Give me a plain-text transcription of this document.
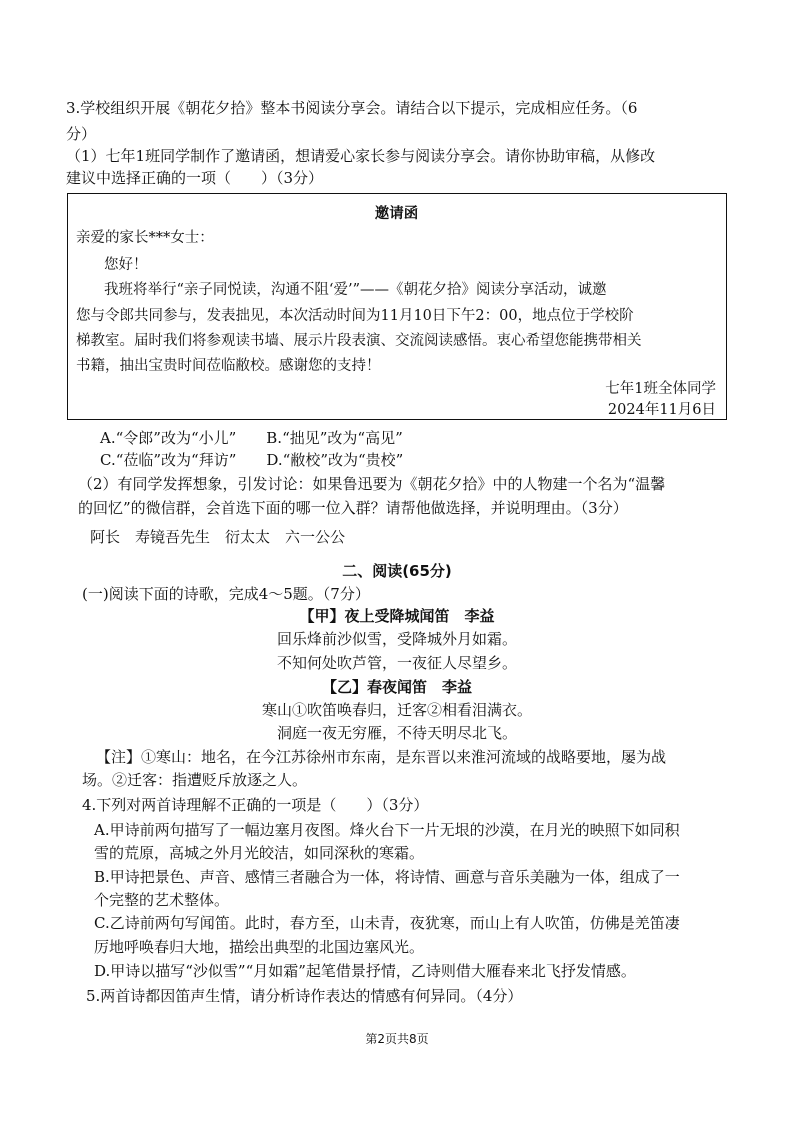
3.学校组织开展《朝花夕拾》整本书阅读分享会。请结合以下提示，完成相应任务。（6
分）
（1）七年1班同学制作了邀请函，想请爱心家长参与阅读分享会。请你协助审稿，从修改
建议中选择正确的一项（　　）（3分）
邀请函
亲爱的家长***女士：
您好！
我班将举行“亲子同悦读，沟通不阻‘爱’”——《朝花夕拾》阅读分享活动，诚邀
您与令郎共同参与，发表拙见，本次活动时间为11月10日下午2：00，地点位于学校阶
梯教室。届时我们将参观读书墙、展示片段表演、交流阅读感悟。衷心希望您能携带相关
书籍，抽出宝贵时间莅临敝校。感谢您的支持！
七年1班全体同学
2024年11月6日
A.“令郎”改为“小儿”　　B.“拙见”改为“高见”
C.“莅临”改为“拜访”　　D.“敝校”改为“贵校”
（2）有同学发挥想象，引发讨论：如果鲁迅要为《朝花夕拾》中的人物建一个名为“温馨
的回忆”的微信群，会首选下面的哪一位入群？请帮他做选择，并说明理由。（3分）
阿长　寿镜吾先生　衍太太　六一公公
二、阅读(65分)
(一)阅读下面的诗歌，完成4～5题。（7分）
【甲】夜上受降城闻笛　李益
回乐烽前沙似雪，受降城外月如霜。
不知何处吹芦管，一夜征人尽望乡。
【乙】春夜闻笛　李益
寒山①吹笛唤春归，迁客②相看泪满衣。
洞庭一夜无穷雁，不待天明尽北飞。
【注】①寒山：地名，在今江苏徐州市东南，是东晋以来淮河流域的战略要地，屡为战
场。②迁客：指遭贬斥放逐之人。
4.下列对两首诗理解不正确的一项是（　　）（3分）
A.甲诗前两句描写了一幅边塞月夜图。烽火台下一片无垠的沙漠，在月光的映照下如同积
雪的荒原，高城之外月光皎洁，如同深秋的寒霜。
B.甲诗把景色、声音、感情三者融合为一体，将诗情、画意与音乐美融为一体，组成了一
个完整的艺术整体。
C.乙诗前两句写闻笛。此时，春方至，山未青，夜犹寒，而山上有人吹笛，仿佛是羌笛凄
厉地呼唤春归大地，描绘出典型的北国边塞风光。
D.甲诗以描写“沙似雪”“月如霜”起笔借景抒情，乙诗则借大雁春来北飞抒发情感。
5.两首诗都因笛声生情，请分析诗作表达的情感有何异同。（4分）
第2页共8页
